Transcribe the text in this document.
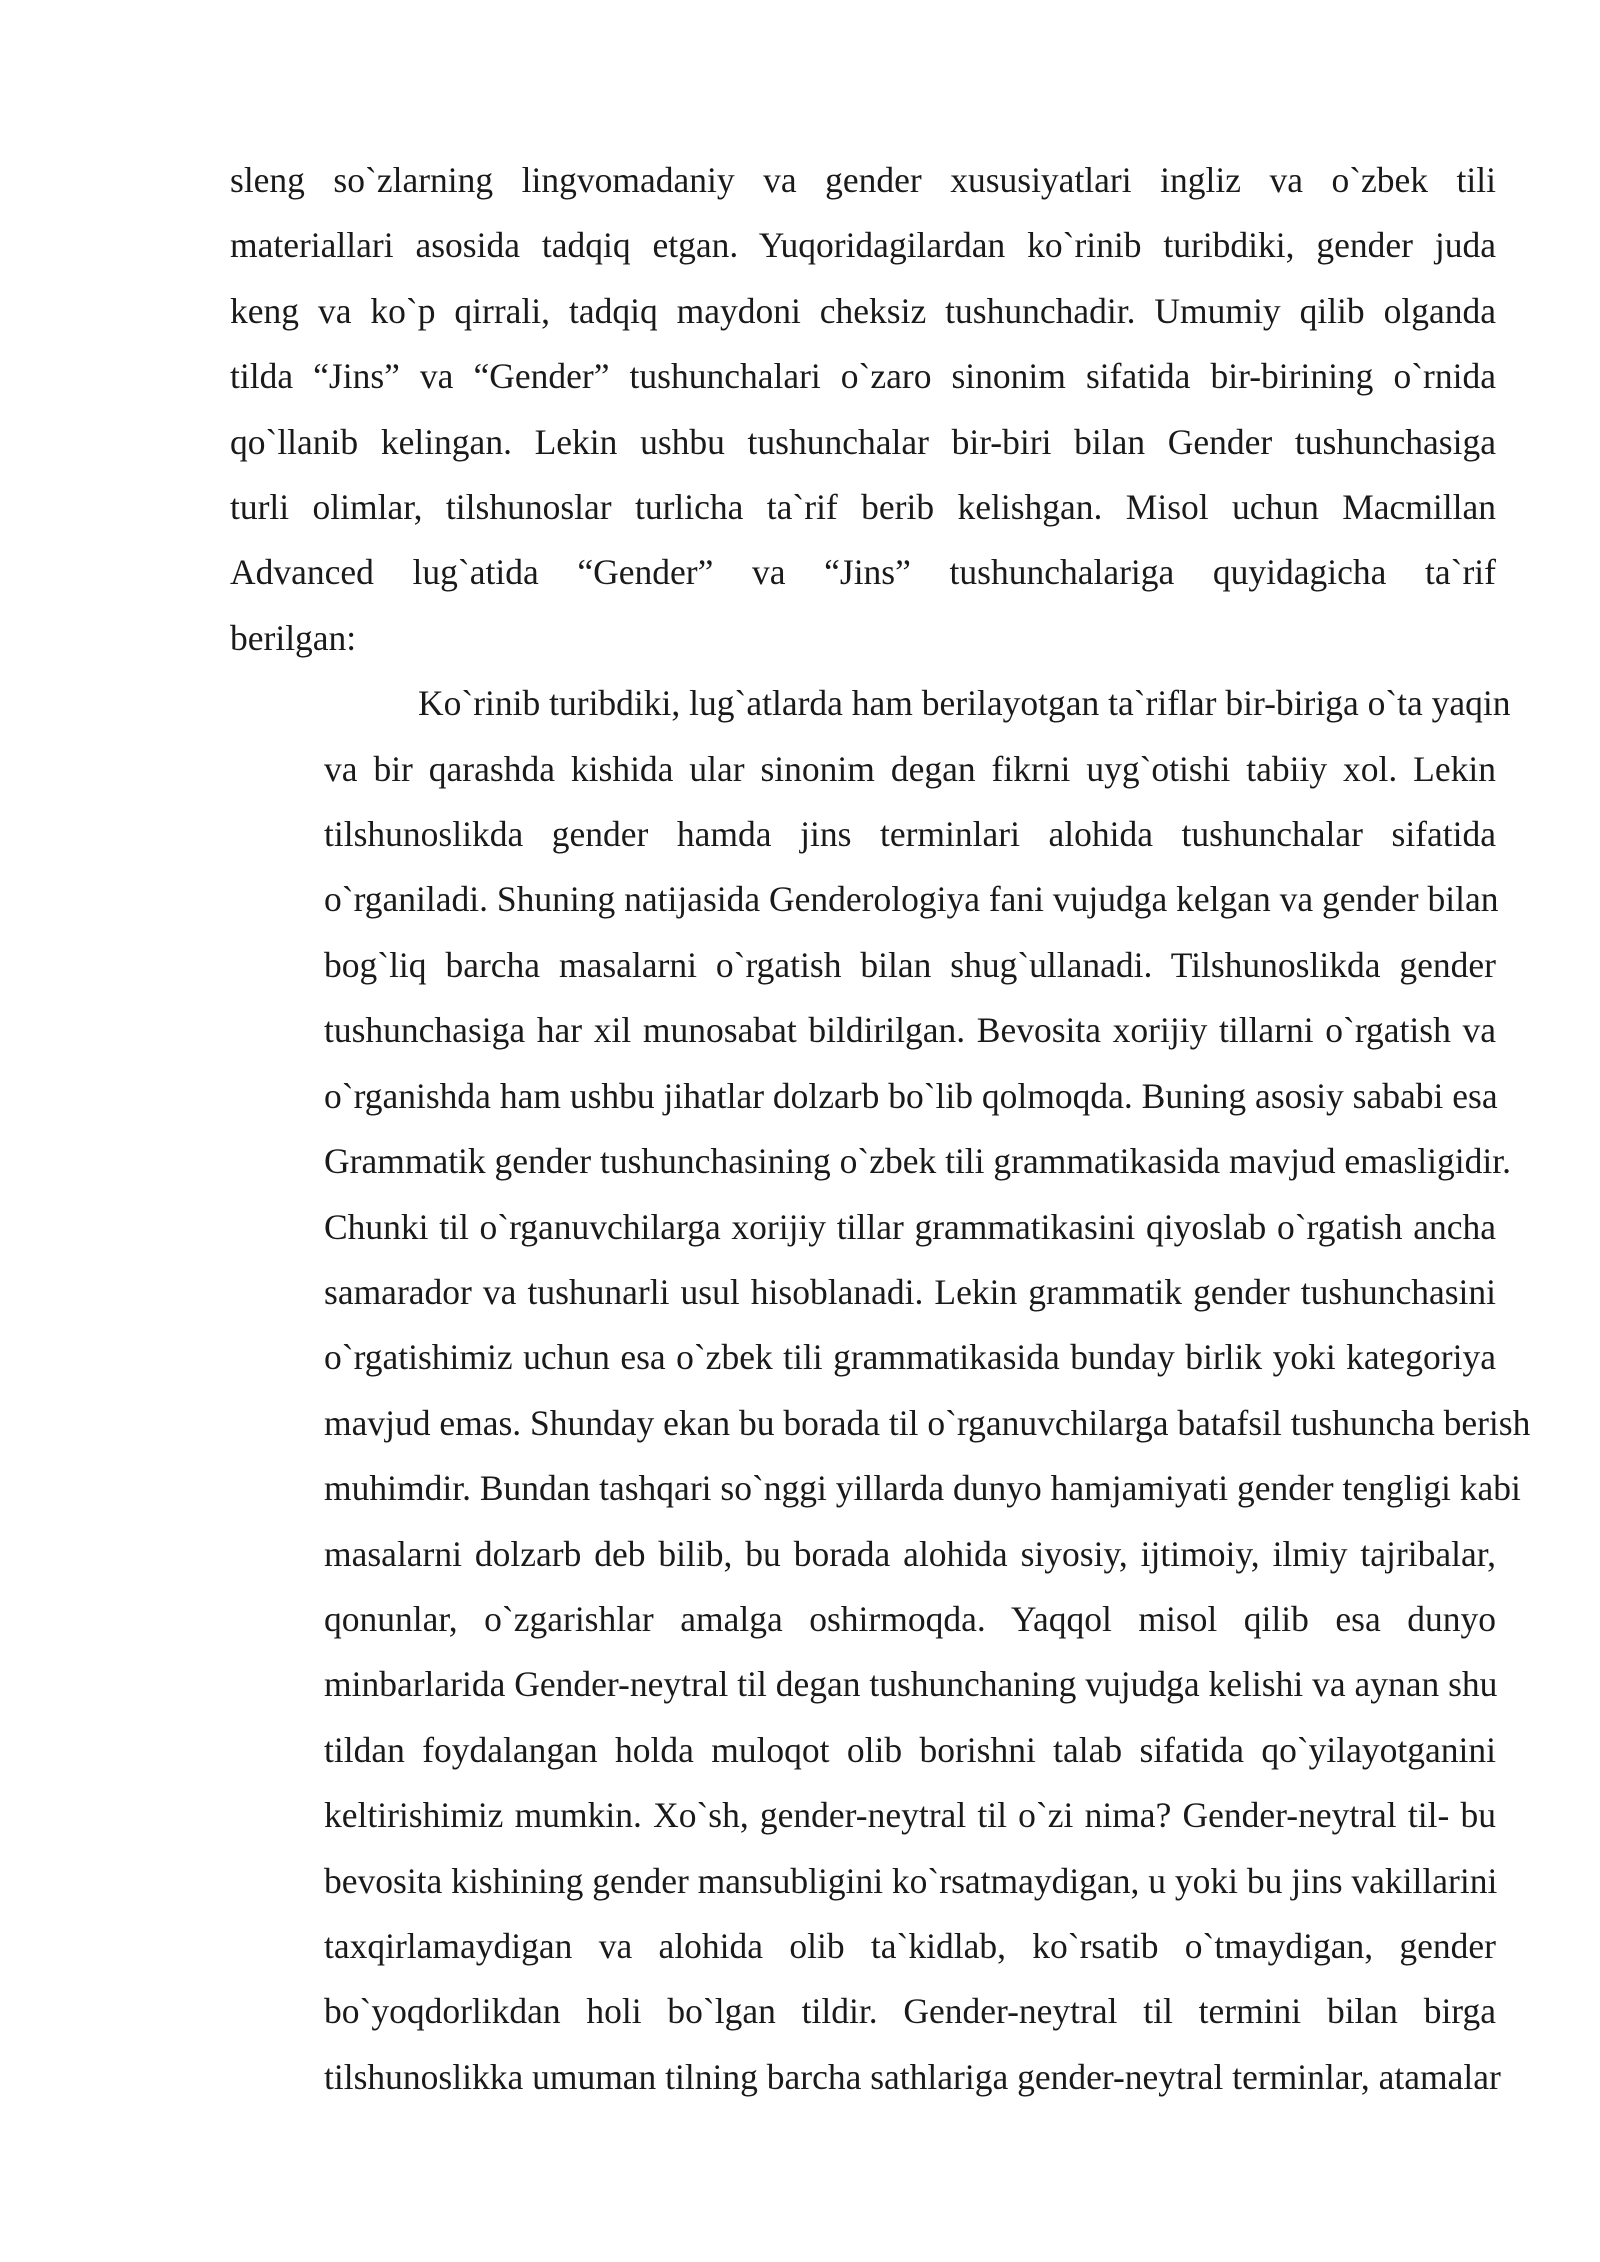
sleng so`zlarning lingvomadaniy va gender xususiyatlari ingliz va o`zbek tili
materiallari asosida tadqiq etgan. Yuqoridagilardan ko`rinib turibdiki, gender juda
keng va ko`p qirrali, tadqiq maydoni cheksiz tushunchadir. Umumiy qilib olganda
tilda “Jins” va “Gender” tushunchalari o`zaro sinonim sifatida bir-birining o`rnida
qo`llanib kelingan. Lekin ushbu tushunchalar bir-biri bilan Gender tushunchasiga
turli olimlar, tilshunoslar turlicha ta`rif berib kelishgan. Misol uchun Macmillan
Advanced lug`atida “Gender” va “Jins” tushunchalariga quyidagicha ta`rif
berilgan:

Ko`rinib turibdiki, lug`atlarda ham berilayotgan ta`riflar bir-biriga o`ta yaqin
va bir qarashda kishida ular sinonim degan fikrni uyg`otishi tabiiy xol. Lekin
tilshunoslikda gender hamda jins terminlari alohida tushunchalar sifatida
o`rganiladi. Shuning natijasida Genderologiya fani vujudga kelgan va gender bilan
bog`liq barcha masalarni o`rgatish bilan shug`ullanadi. Tilshunoslikda gender
tushunchasiga har xil munosabat bildirilgan. Bevosita xorijiy tillarni o`rgatish va
o`rganishda ham ushbu jihatlar dolzarb bo`lib qolmoqda. Buning asosiy sababi esa
Grammatik gender tushunchasining o`zbek tili grammatikasida mavjud emasligidir.
Chunki til o`rganuvchilarga xorijiy tillar grammatikasini qiyoslab o`rgatish ancha
samarador va tushunarli usul hisoblanadi. Lekin grammatik gender tushunchasini
o`rgatishimiz uchun esa o`zbek tili grammatikasida bunday birlik yoki kategoriya
mavjud emas. Shunday ekan bu borada til o`rganuvchilarga batafsil tushuncha berish
muhimdir. Bundan tashqari so`nggi yillarda dunyo hamjamiyati gender tengligi kabi
masalarni dolzarb deb bilib, bu borada alohida siyosiy, ijtimoiy, ilmiy tajribalar,
qonunlar, o`zgarishlar amalga oshirmoqda. Yaqqol misol qilib esa dunyo
minbarlarida Gender-neytral til degan tushunchaning vujudga kelishi va aynan shu
tildan foydalangan holda muloqot olib borishni talab sifatida qo`yilayotganini
keltirishimiz mumkin. Xo`sh, gender-neytral til o`zi nima? Gender-neytral til- bu
bevosita kishining gender mansubligini ko`rsatmaydigan, u yoki bu jins vakillarini
taxqirlamaydigan va alohida olib ta`kidlab, ko`rsatib o`tmaydigan, gender
bo`yoqdorlikdan holi bo`lgan tildir. Gender-neytral til termini bilan birga
tilshunoslikka umuman tilning barcha sathlariga gender-neytral terminlar, atamalar
